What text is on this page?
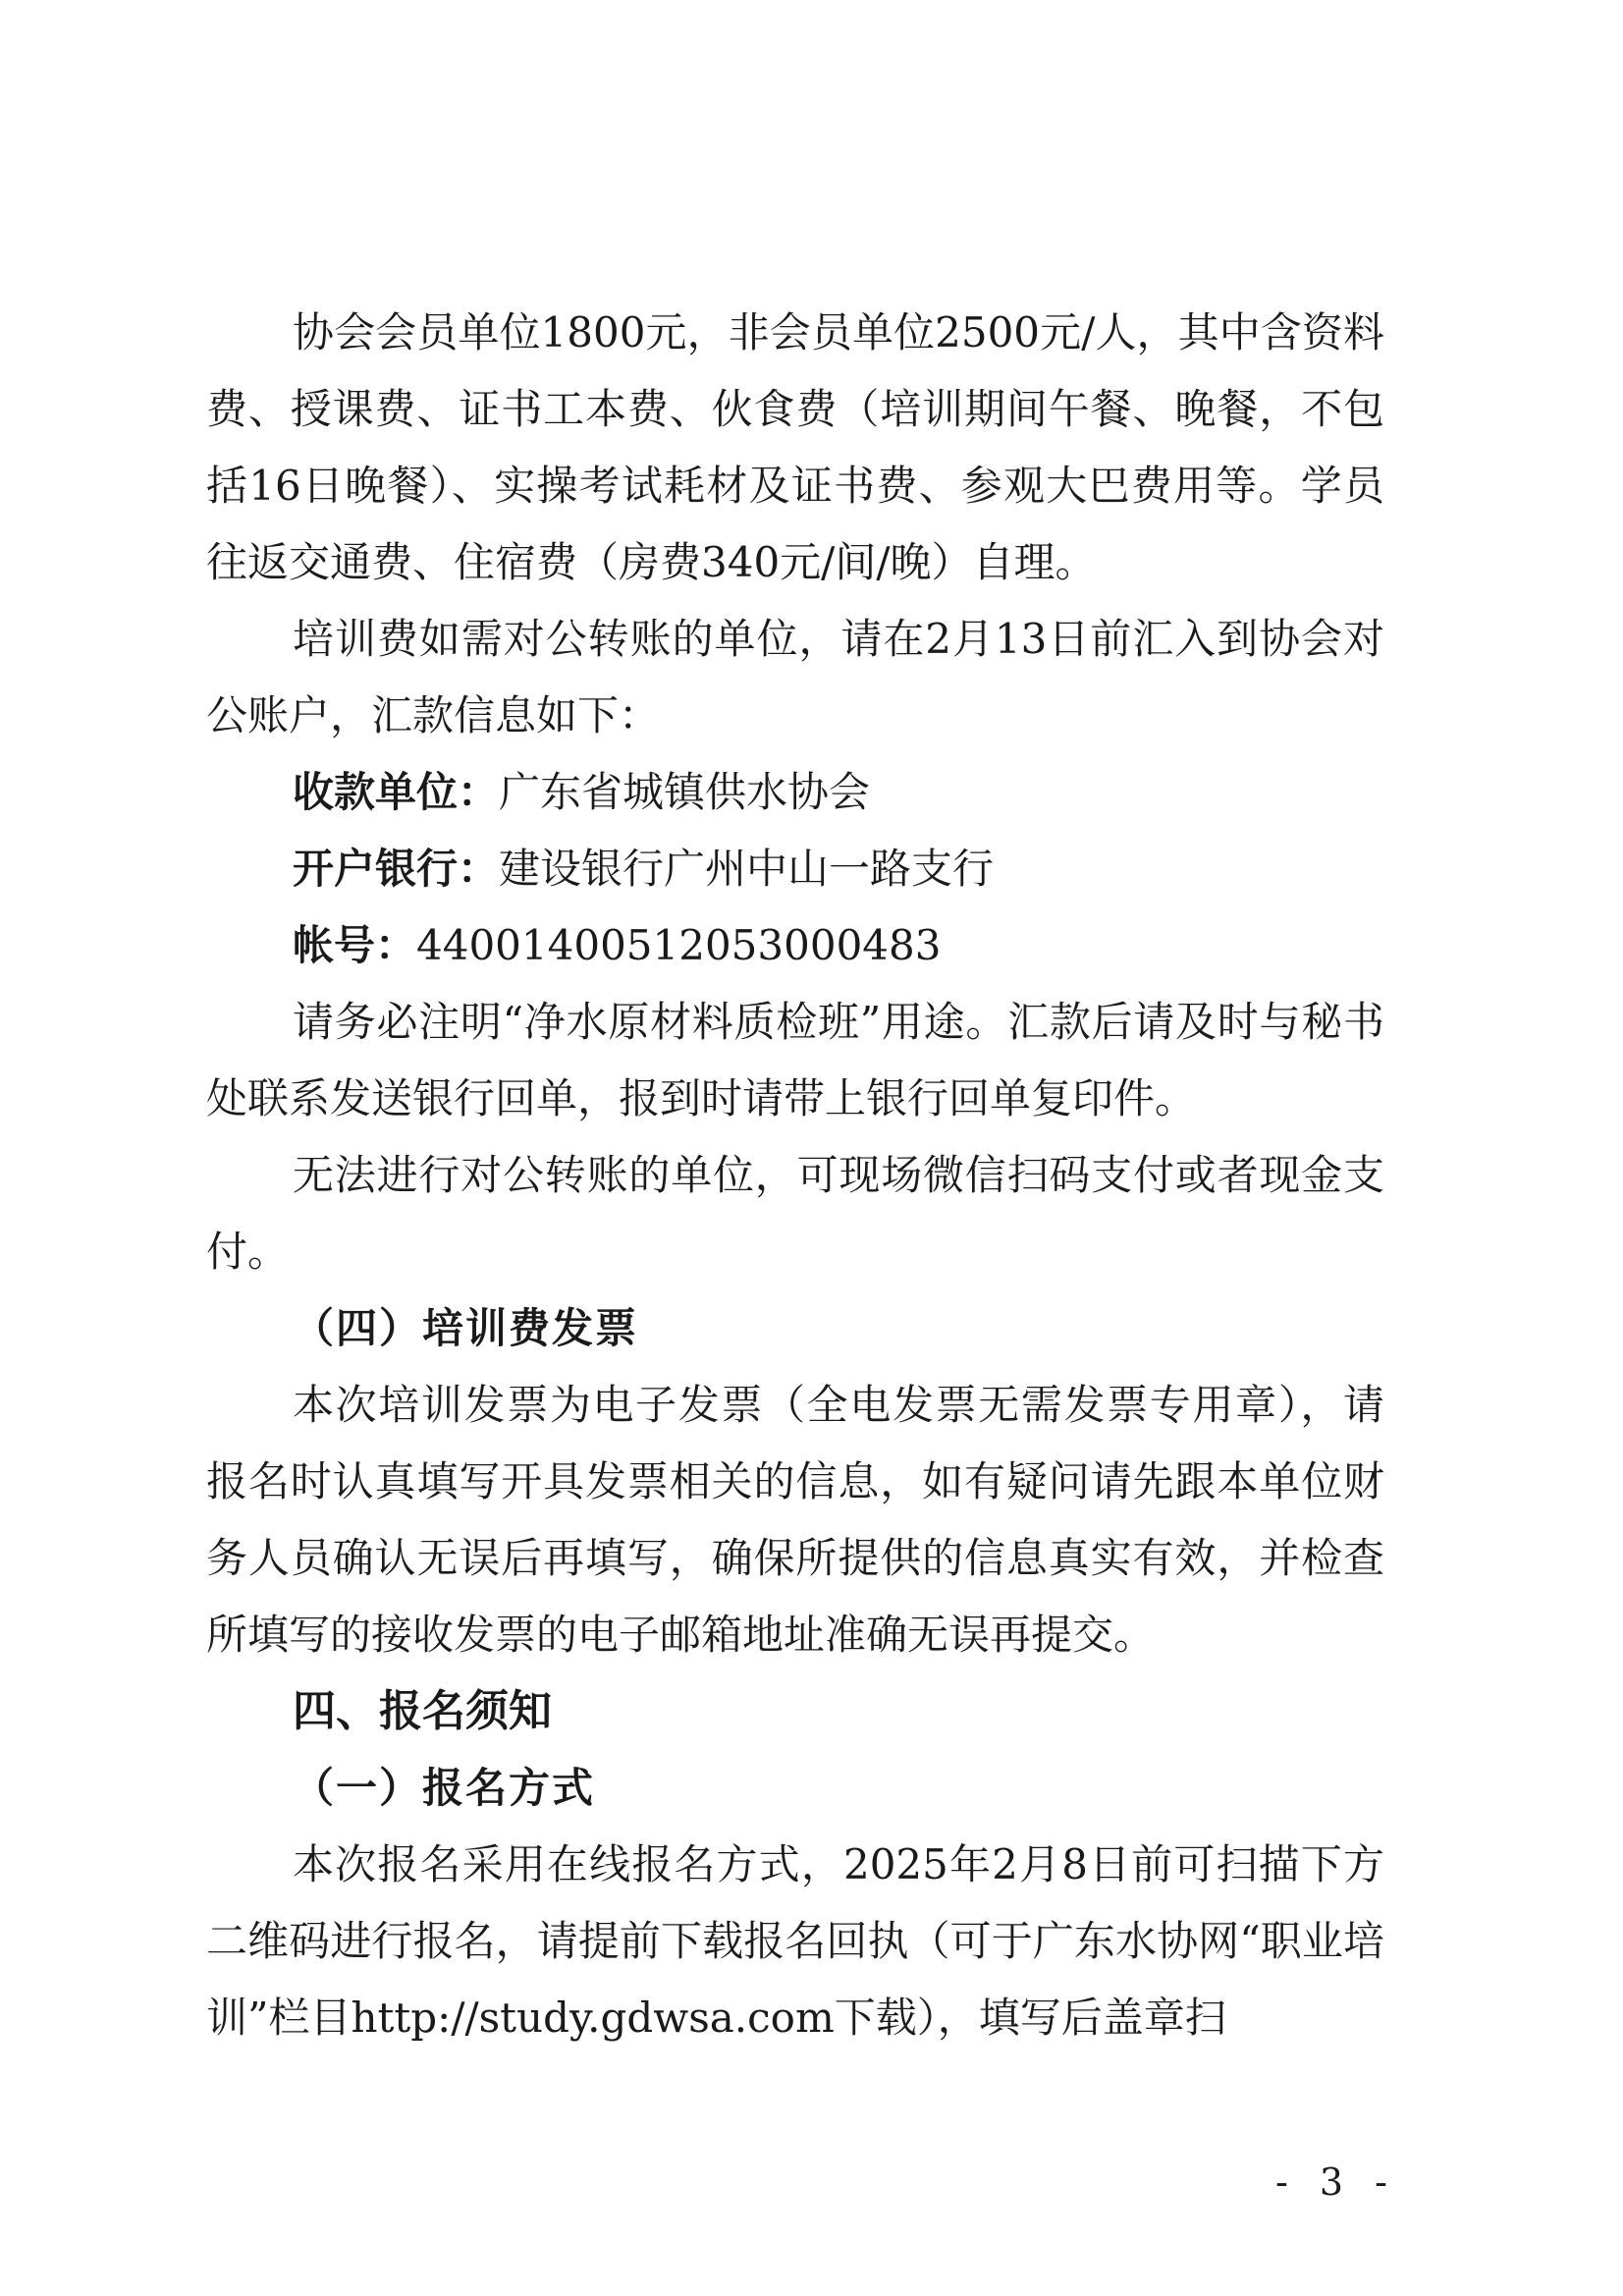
协会会员单位1800元，非会员单位2500元/人，其中含资料费、授课费、证书工本费、伙食费（培训期间午餐、晚餐，不包括16日晚餐）、实操考试耗材及证书费、参观大巴费用等。学员往返交通费、住宿费（房费340元/间/晚）自理。

培训费如需对公转账的单位，请在2月13日前汇入到协会对公账户，汇款信息如下：

收款单位：广东省城镇供水协会

开户银行：建设银行广州中山一路支行

帐号：44001400512053000483

请务必注明“净水原材料质检班”用途。汇款后请及时与秘书处联系发送银行回单，报到时请带上银行回单复印件。

无法进行对公转账的单位，可现场微信扫码支付或者现金支付。

（四）培训费发票

本次培训发票为电子发票（全电发票无需发票专用章），请报名时认真填写开具发票相关的信息，如有疑问请先跟本单位财务人员确认无误后再填写，确保所提供的信息真实有效，并检查所填写的接收发票的电子邮箱地址准确无误再提交。

四、报名须知

（一）报名方式

本次报名采用在线报名方式，2025年2月8日前可扫描下方二维码进行报名，请提前下载报名回执（可于广东水协网“职业培训”栏目http://study.gdwsa.com下载），填写后盖章扫

- 3 -
